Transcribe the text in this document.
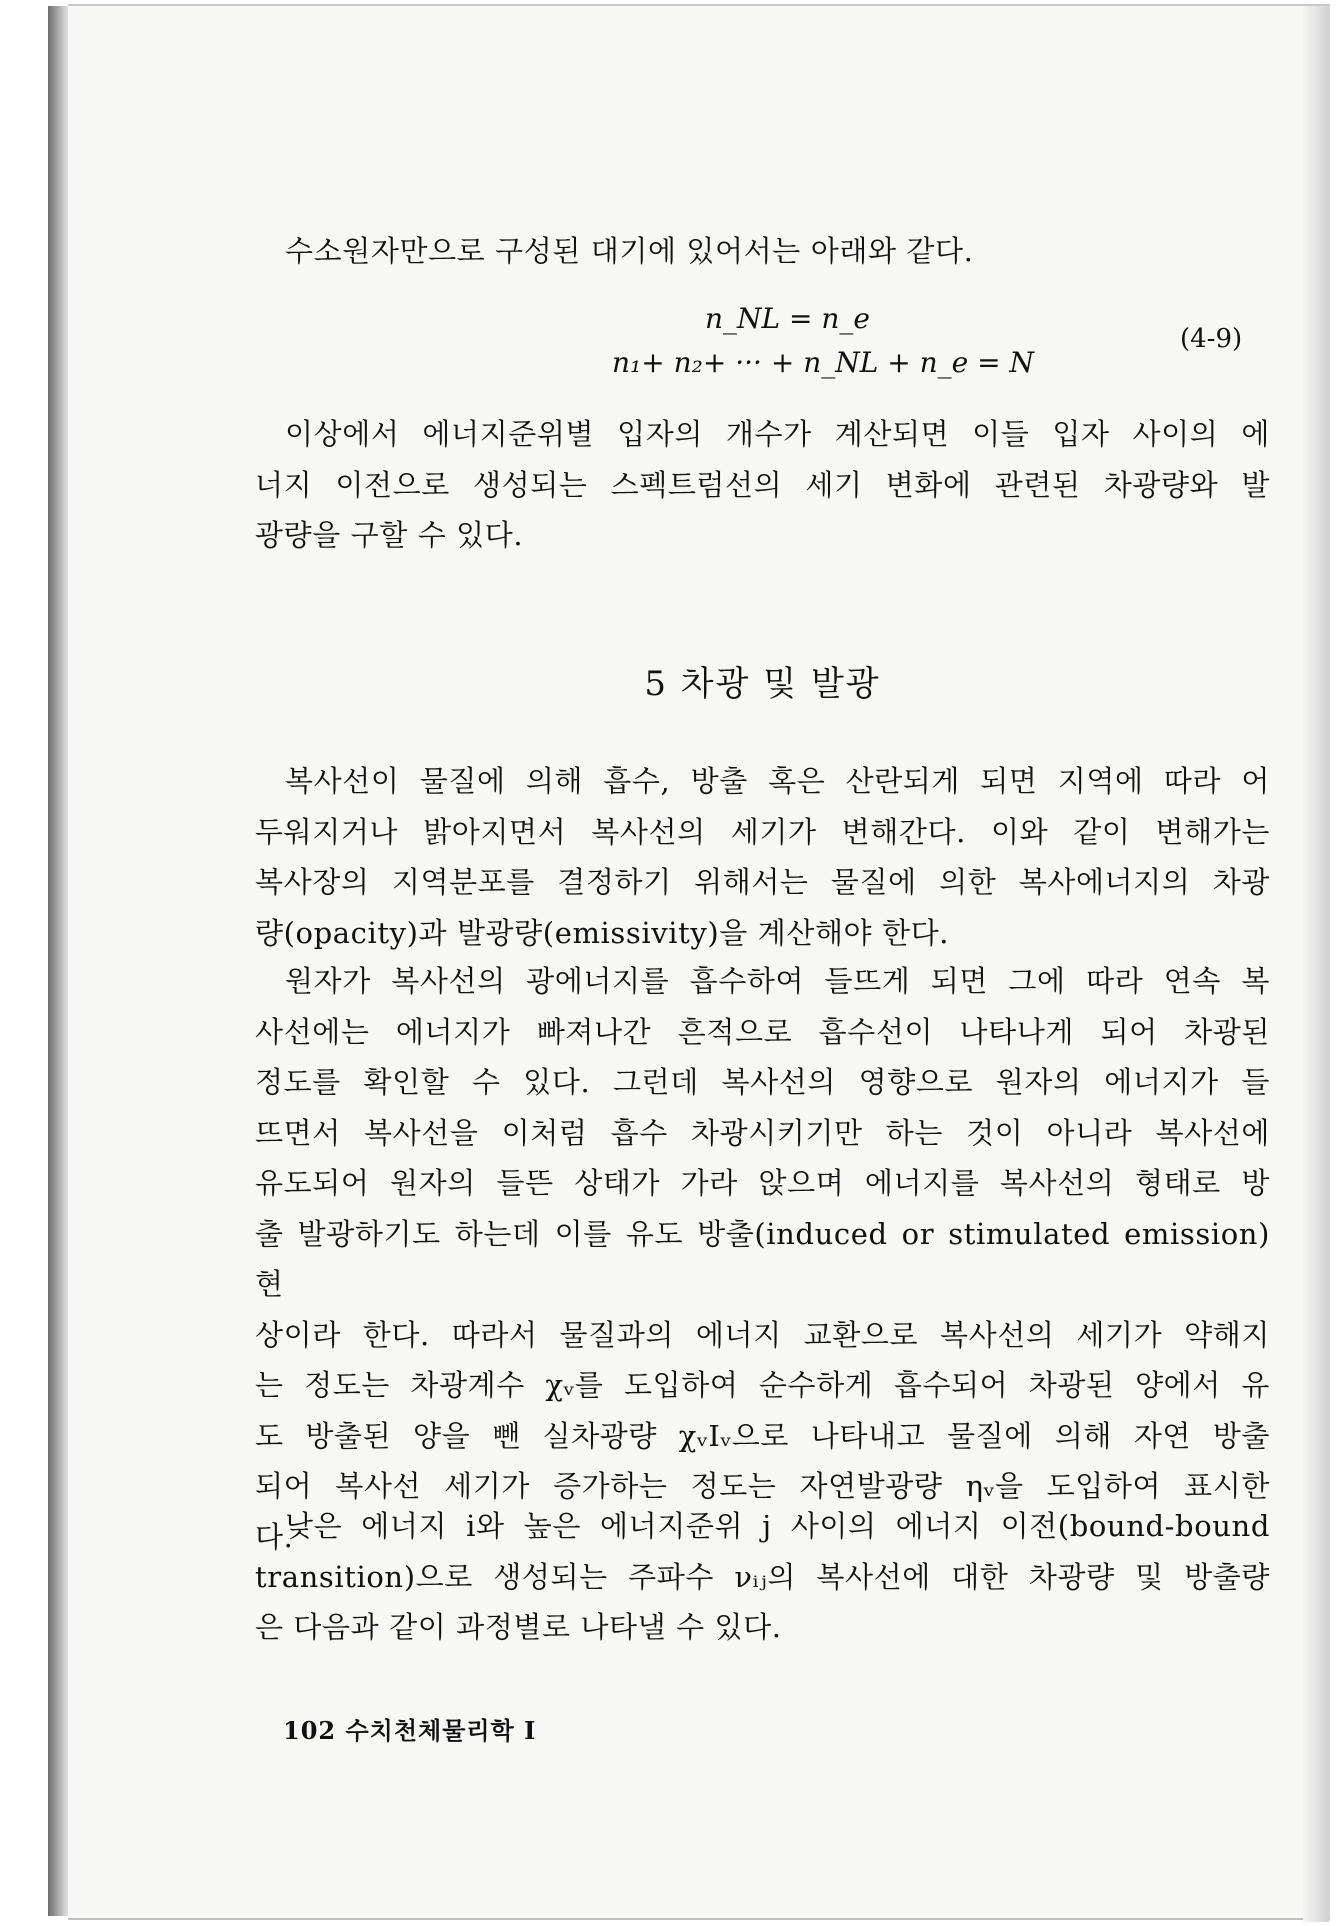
수소원자만으로 구성된 대기에 있어서는 아래와 같다.
n_NL = n_e
n₁+ n₂+ ··· + n_NL + n_e = N
(4-9)
이상에서 에너지준위별 입자의 개수가 계산되면 이들 입자 사이의 에
너지 이전으로 생성되는 스펙트럼선의 세기 변화에 관련된 차광량와 발
광량을 구할 수 있다.
5 차광 및 발광
복사선이 물질에 의해 흡수, 방출 혹은 산란되게 되면 지역에 따라 어
두워지거나 밝아지면서 복사선의 세기가 변해간다. 이와 같이 변해가는
복사장의 지역분포를 결정하기 위해서는 물질에 의한 복사에너지의 차광
량(opacity)과 발광량(emissivity)을 계산해야 한다.
원자가 복사선의 광에너지를 흡수하여 들뜨게 되면 그에 따라 연속 복
사선에는 에너지가 빠져나간 흔적으로 흡수선이 나타나게 되어 차광된
정도를 확인할 수 있다. 그런데 복사선의 영향으로 원자의 에너지가 들
뜨면서 복사선을 이처럼 흡수 차광시키기만 하는 것이 아니라 복사선에
유도되어 원자의 들뜬 상태가 가라 앉으며 에너지를 복사선의 형태로 방
출 발광하기도 하는데 이를 유도 방출(induced or stimulated emission) 현
상이라 한다. 따라서 물질과의 에너지 교환으로 복사선의 세기가 약해지
는 정도는 차광계수 χᵥ를 도입하여 순수하게 흡수되어 차광된 양에서 유
도 방출된 양을 뺀 실차광량 χᵥIᵥ으로 나타내고 물질에 의해 자연 방출
되어 복사선 세기가 증가하는 정도는 자연발광량 ηᵥ을 도입하여 표시한
다.
낮은 에너지 i와 높은 에너지준위 j 사이의 에너지 이전(bound-bound
transition)으로 생성되는 주파수 νᵢⱼ의 복사선에 대한 차광량 및 방출량
은 다음과 같이 과정별로 나타낼 수 있다.
102 수치천체물리학 I
